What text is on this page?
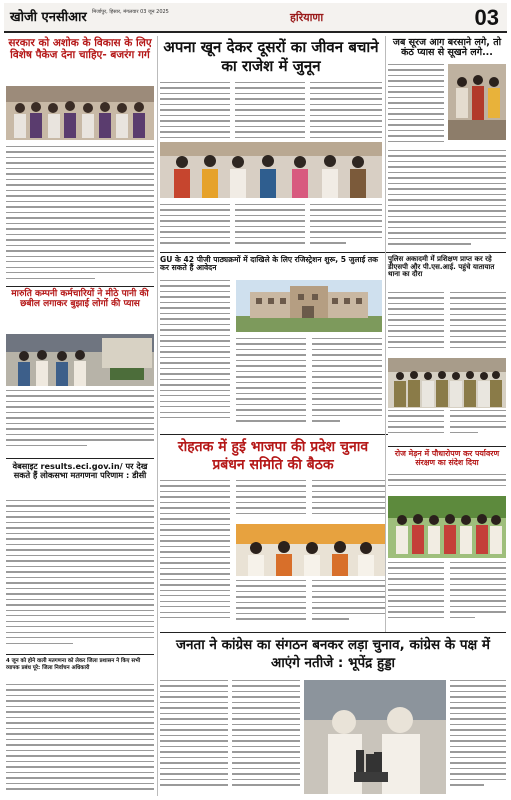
खोजी एनसीआर मिर्जापुर, हिसार, मंगलवार 03 जून 2025	हरियाणा	03
सरकार को अशोक के विकास के लिए विशेष पैकेज देना चाहिए- बजरंग गर्ग अपना खून देकर दूसरों का जीवन बचाने का राजेश में जुनून
जब सूरज आग बरसाने लगे, तो कंठ प्यास से सूखने लगे...
GU के 42 पीजी पाठ्यक्रमों में दाखिले के लिए रजिस्ट्रेशन शुरू, 5 जुलाई तक कर सकते हैं आवेदन
पुलिस अकादमी में प्रशिक्षण प्राप्त कर रहे डीएसपी और पी.एस.आई. पहुंचे यातायात थाना का दौरा
मारुति कम्पनी कर्मचारियों ने मीठे पानी की छबील लगाकर बुझाई लोगों की प्यास
वेबसाइट results.eci.gov.in/ पर देख सकते हैं लोकसभा मतगणना परिणाम : डीसी
रोहतक में हुई भाजपा की प्रदेश चुनाव प्रबंधन समिति की बैठक
रोज मेड़न में पौधारोपण कर पर्यावरण संरक्षण का संदेश दिया
4 जून को होने वाली मतगणना को लेकर जिला प्रशासन ने किए सभी व्यापक प्रबंध पूरे: जिला निर्वाचन अधिकारी
जनता ने कांग्रेस का संगठन बनकर लड़ा चुनाव, कांग्रेस के पक्ष में आएंगे नतीजे : भूपेंद्र हुड्डा
